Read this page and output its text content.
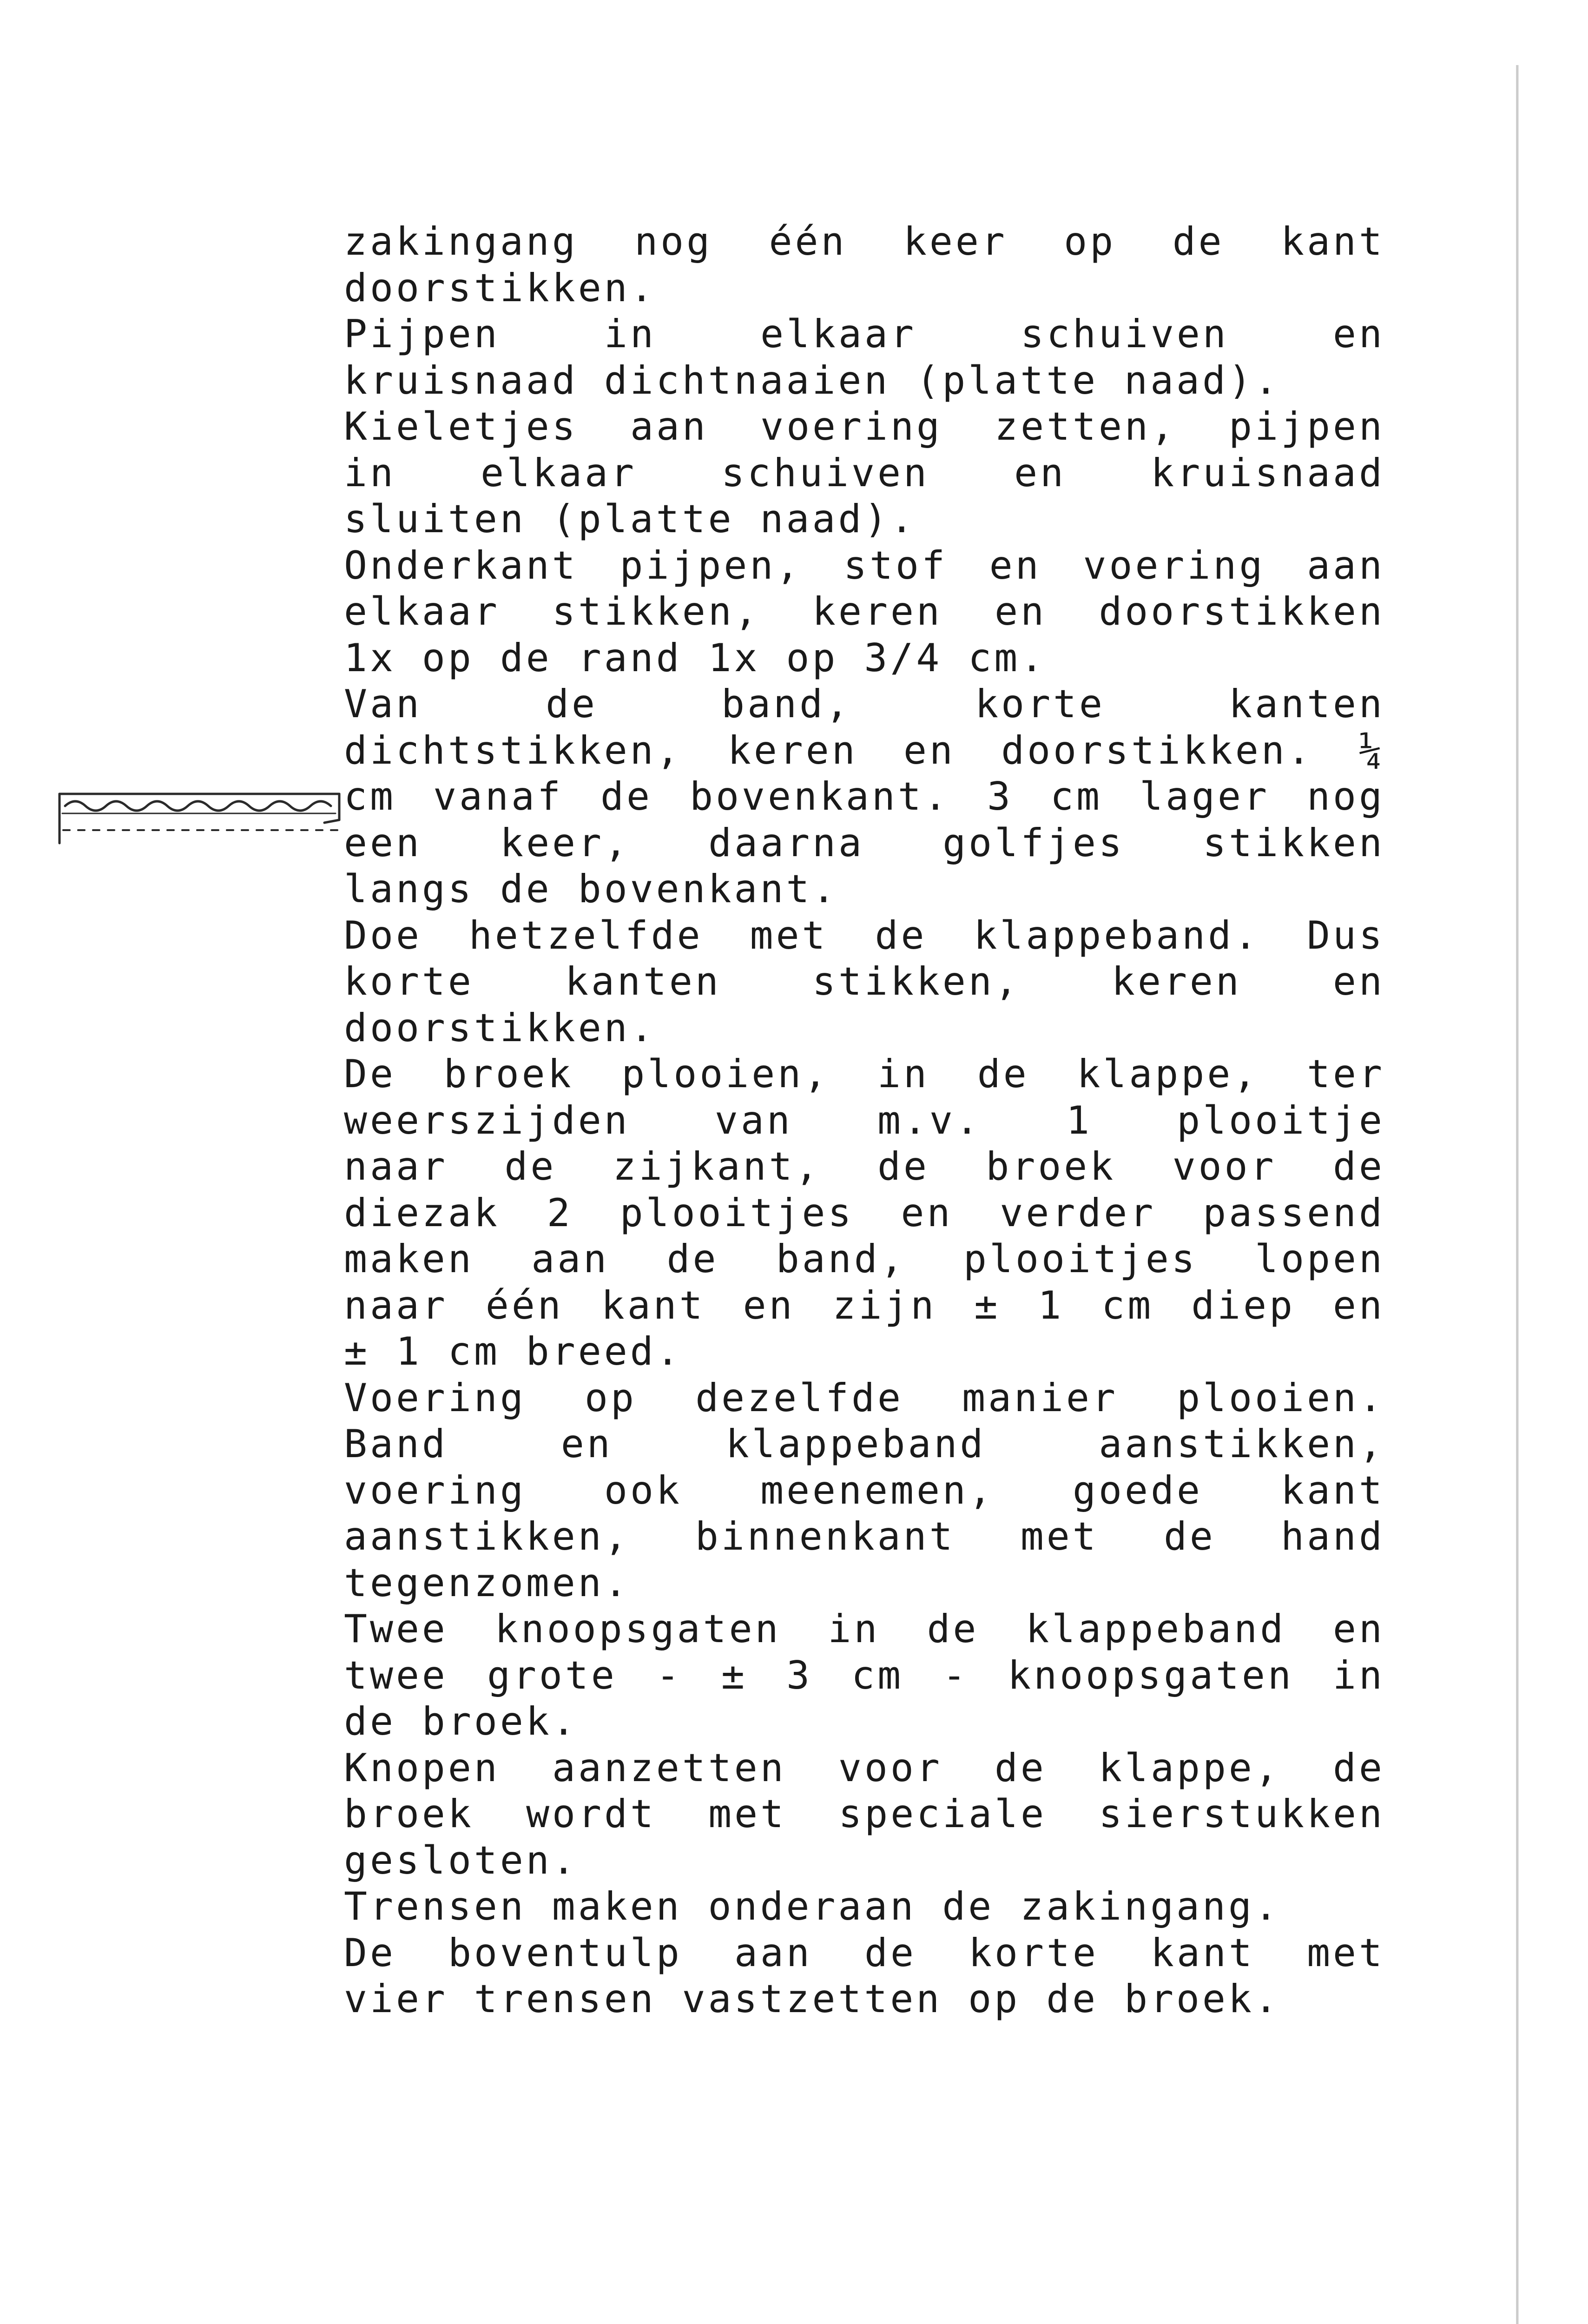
zakingang nog één keer op de kant
doorstikken.
Pijpen in elkaar schuiven en
kruisnaad dichtnaaien (platte naad).
Kieletjes aan voering zetten, pijpen
in elkaar schuiven en kruisnaad
sluiten (platte naad).
Onderkant pijpen, stof en voering aan
elkaar stikken, keren en doorstikken
1x op de rand 1x op 3/4 cm.
Van de band, korte kanten
dichtstikken, keren en doorstikken. ¼
cm vanaf de bovenkant. 3 cm lager nog
een keer, daarna golfjes stikken
langs de bovenkant.
Doe hetzelfde met de klappeband. Dus
korte kanten stikken, keren en
doorstikken.
De broek plooien, in de klappe, ter
weerszijden van m.v. 1 plooitje
naar de zijkant, de broek voor de
diezak 2 plooitjes en verder passend
maken aan de band, plooitjes lopen
naar één kant en zijn ± 1 cm diep en
± 1 cm breed.
Voering op dezelfde manier plooien.
Band en klappeband aanstikken,
voering ook meenemen, goede kant
aanstikken, binnenkant met de hand
tegenzomen.
Twee knoopsgaten in de klappeband en
twee grote - ± 3 cm - knoopsgaten in
de broek.
Knopen aanzetten voor de klappe, de
broek wordt met speciale sierstukken
gesloten.
Trensen maken onderaan de zakingang.
De boventulp aan de korte kant met
vier trensen vastzetten op de broek.
